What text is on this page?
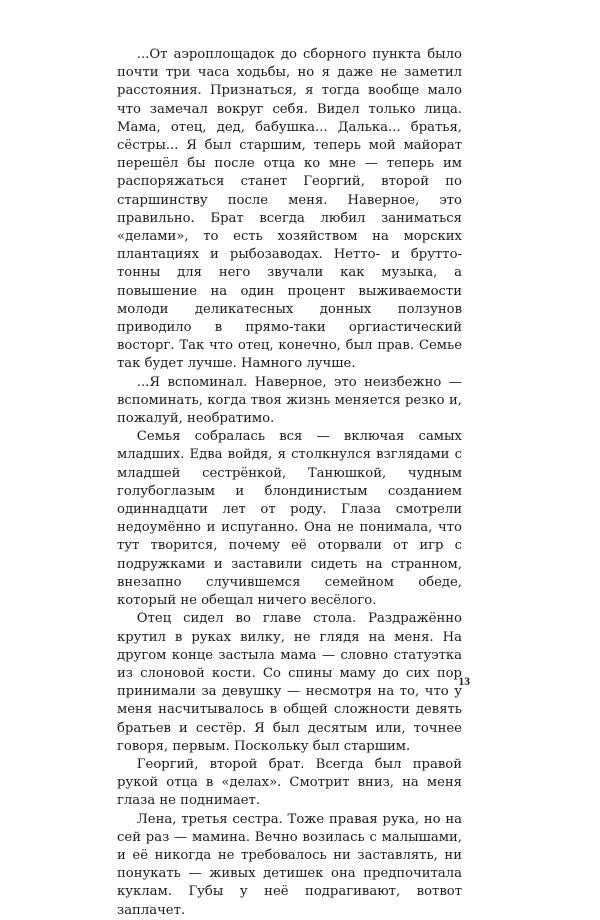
...От аэроплощадок до сборного пункта было почти три часа ходьбы, но я даже не заметил расстояния. Признаться, я тогда вообще мало что замечал вокруг себя. Видел только лица. Мама, отец, дед, бабушка... Далька... братья, сёстры... Я был старшим, теперь мой майорат перешёл бы после отца ко мне — теперь им распоряжаться станет Георгий, второй по старшинству после меня. Наверное, это правильно. Брат всегда любил заниматься «делами», то есть хозяйством на морских плантациях и рыбозаводах. Нетто- и брутто-тонны для него звучали как музыка, а повышение на один процент выживаемости молоди деликатесных донных ползунов приводило в прямо-таки оргиастический восторг. Так что отец, конечно, был прав. Семье так будет лучше. Намного лучше.

...Я вспоминал. Наверное, это неизбежно — вспоминать, когда твоя жизнь меняется резко и, пожалуй, необратимо.

Семья собралась вся — включая самых младших. Едва войдя, я столкнулся взглядами с младшей сестрёнкой, Танюшкой, чудным голубоглазым и блондинистым созданием одиннадцати лет от роду. Глаза смотрели недоумённо и испуганно. Она не понимала, что тут творится, почему её оторвали от игр с подружками и заставили сидеть на странном, внезапно случившемся семейном обеде, который не обещал ничего весёлого.

Отец сидел во главе стола. Раздражённо крутил в руках вилку, не глядя на меня. На другом конце застыла мама — словно статуэтка из слоновой кости. Со спины маму до сих пор принимали за девушку — несмотря на то, что у меня насчитывалось в общей сложности девять братьев и сестёр. Я был десятым или, точнее говоря, первым. Поскольку был старшим.

Георгий, второй брат. Всегда был правой рукой отца в «делах». Смотрит вниз, на меня глаза не поднимает.

Лена, третья сестра. Тоже правая рука, но на сей раз — мамина. Вечно возилась с малышами, и её никогда не требовалось ни заставлять, ни понукать — живых детишек она предпочитала куклам. Губы у неё подрагивают, вотвот заплачет.

13
